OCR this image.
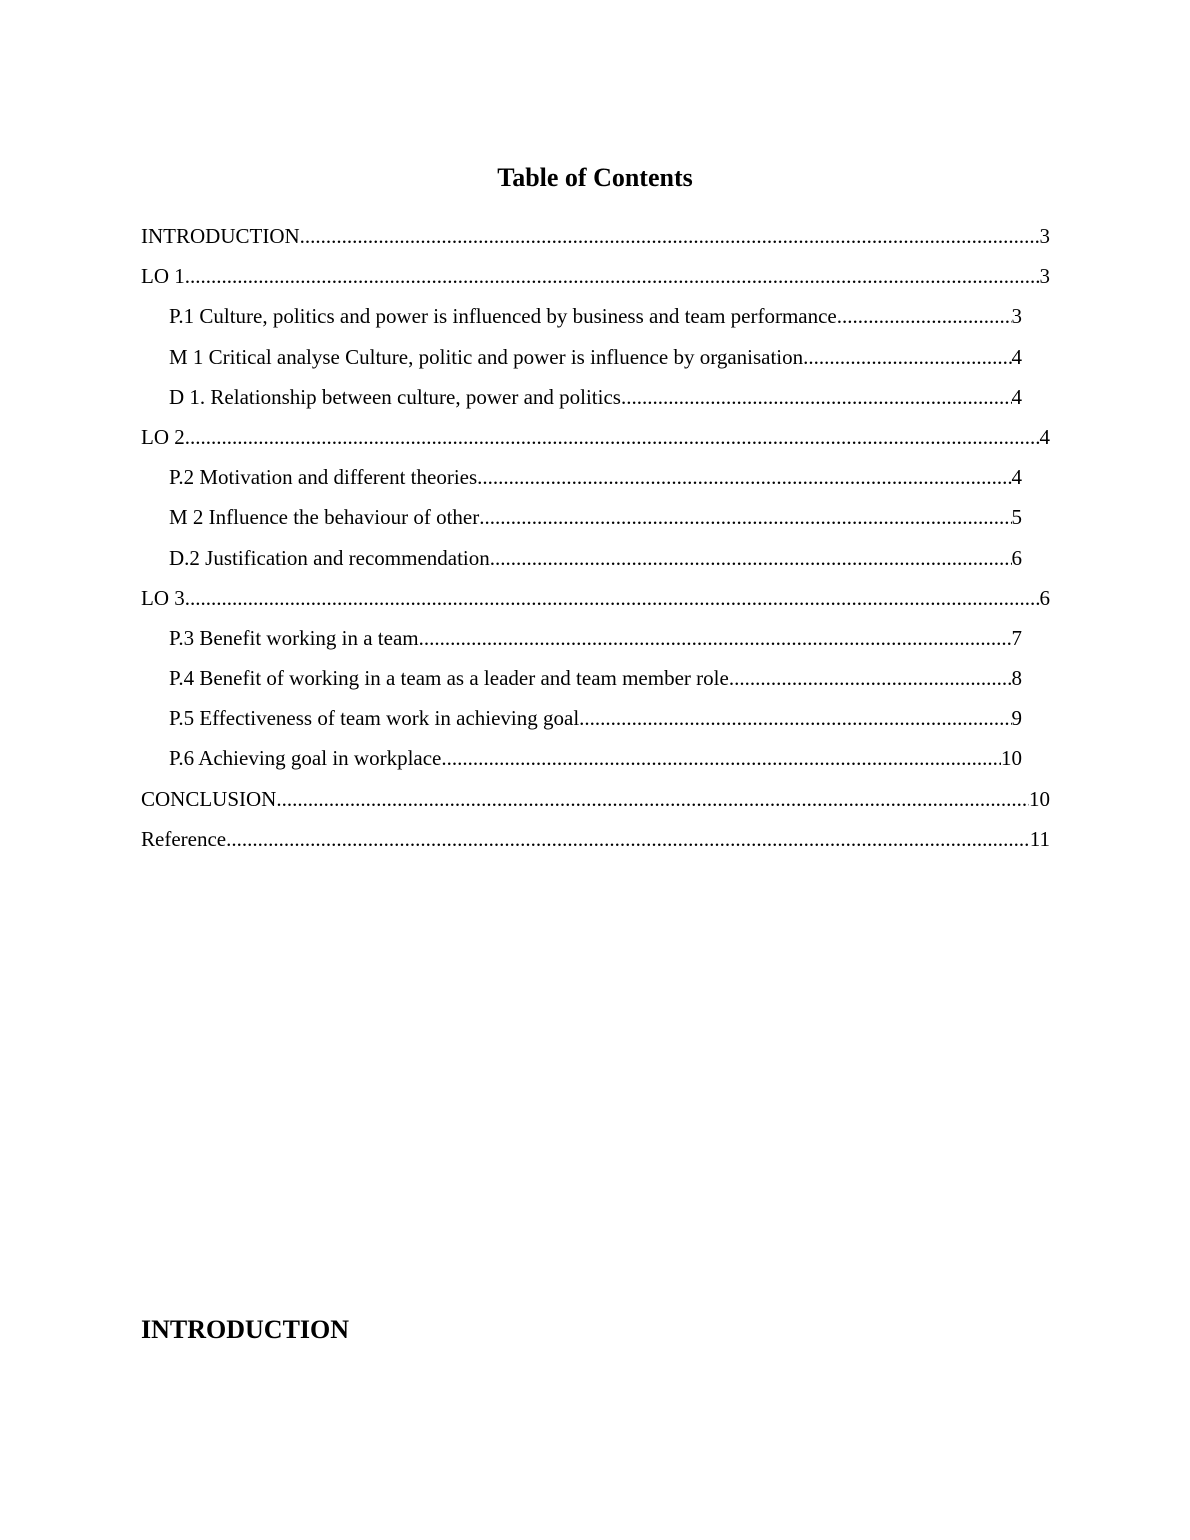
Table of Contents
INTRODUCTION .....	3
LO 1 .....	3
P.1 Culture, politics and power is influenced by business and team performance .....	3
M 1 Critical analyse Culture, politic and power is influence by organisation .....	4
D 1. Relationship between culture, power and politics .....	4
LO 2 .....	4
P.2 Motivation and different theories .....	4
M 2 Influence the behaviour of other .....	5
D.2 Justification and recommendation .....	6
LO 3 .....	6
P.3 Benefit working in a team .....	7
P.4 Benefit of working in a team as a leader and team member role .....	8
P.5 Effectiveness of team work in achieving goal .....	9
P.6 Achieving goal in workplace .....	10
CONCLUSION .....	10
Reference .....	11
INTRODUCTION
